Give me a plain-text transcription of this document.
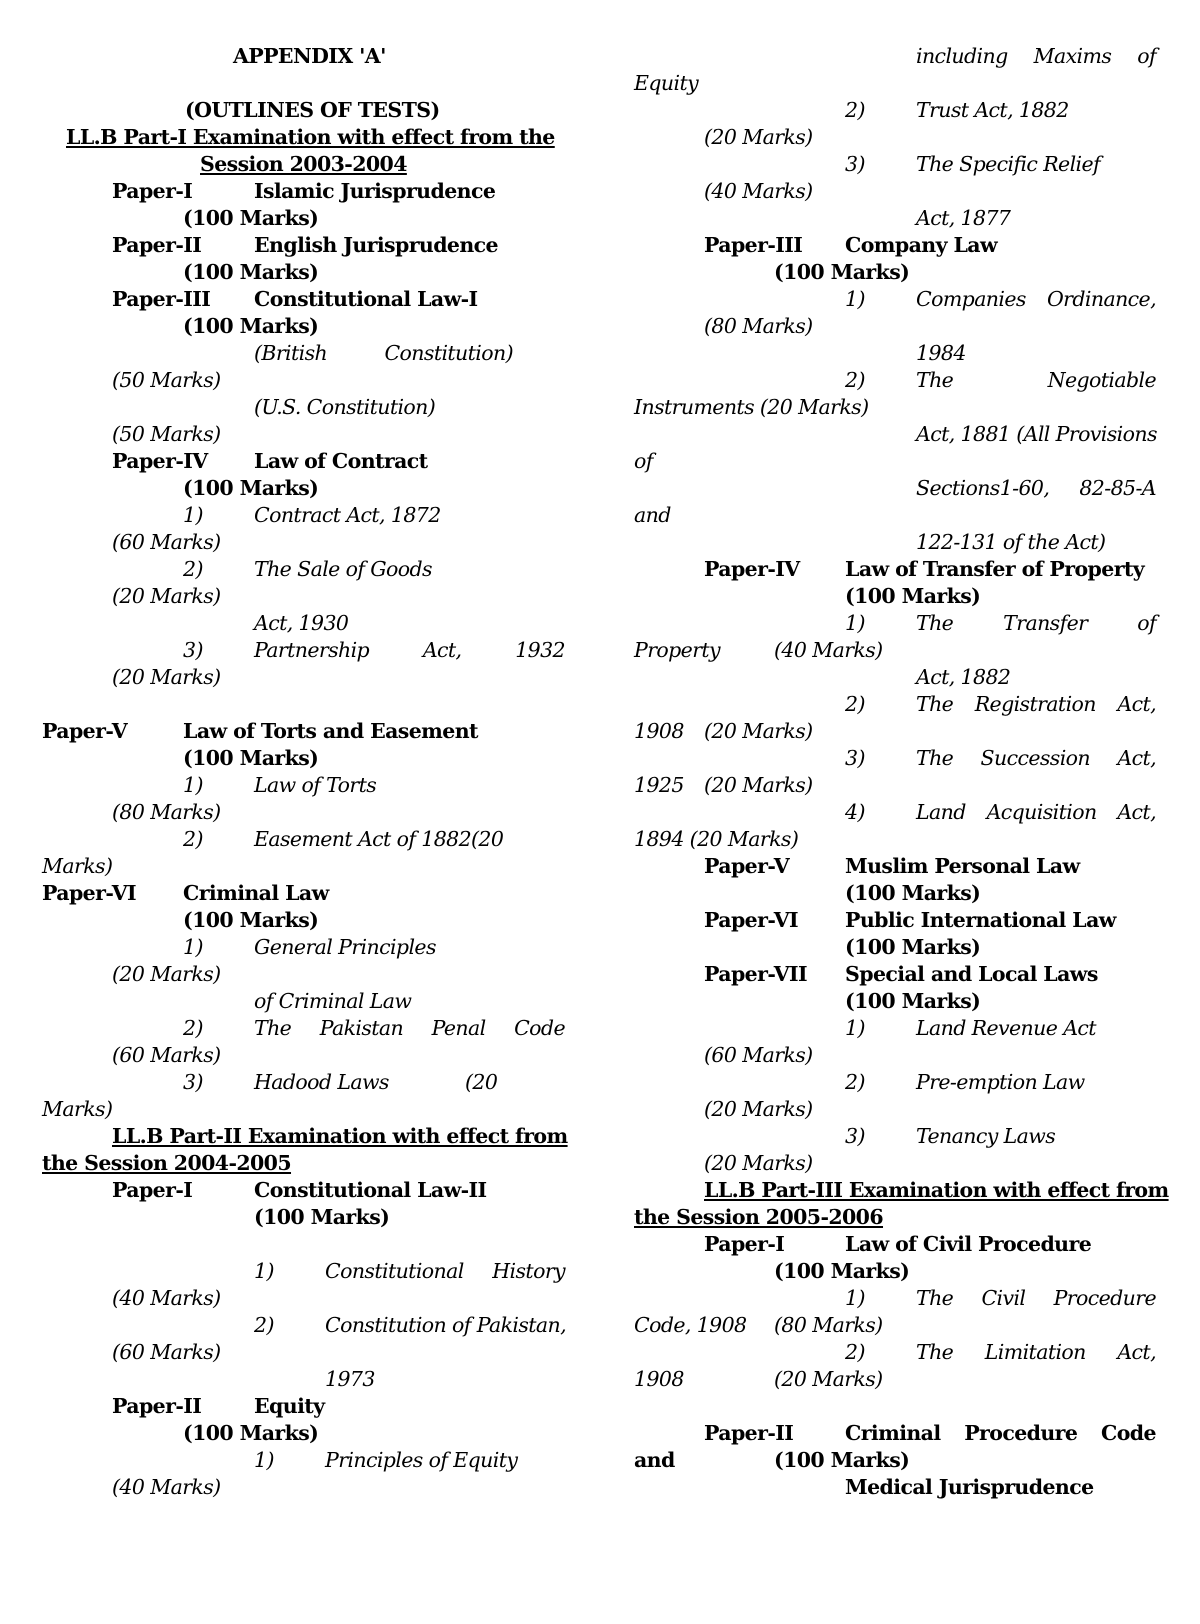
APPENDIX 'A'
(OUTLINES OF TESTS)
LL.B Part-I Examination with effect from the
Session 2003-2004
Paper-I	Islamic Jurisprudence
(100 Marks)
Paper-II	English Jurisprudence
(100 Marks)
Paper-III Constitutional Law-I
(100 Marks)
(British	Constitution)
(50 Marks)
(U.S. Constitution)
(50 Marks)
Paper-IV Law of Contract
(100 Marks)
1) Contract Act, 1872
(60 Marks)
2) The Sale of Goods
(20 Marks)
Act, 1930
3) Partnership	Act,	1932
(20 Marks)
Paper-V	Law of Torts and Easement
(100 Marks)
1) Law of Torts
(80 Marks)
2) Easement Act of 1882(20
Marks)
Paper-VI Criminal Law
(100 Marks)
1) General Principles
(20 Marks)
of Criminal Law
2) The Pakistan Penal Code
(60 Marks)
3) Hadood Laws	(20
Marks)
LL.B Part-II Examination with effect from
the Session 2004-2005
Paper-I	Constitutional Law-II
(100 Marks)
1) Constitutional History
(40 Marks)
2) Constitution of Pakistan,
(60 Marks)
1973
Paper-II	Equity
(100 Marks)
1) Principles of Equity
(40 Marks)
including Maxims of
Equity
2) Trust Act, 1882
(20 Marks)
3) The Specific Relief
(40 Marks)
Act, 1877
Paper-III Company Law
(100 Marks)
1) Companies Ordinance,
(80 Marks)
1984
2) The	Negotiable
Instruments (20 Marks)
Act, 1881 (All Provisions
of
Sections1-60, 82-85-A
and
122-131 of the Act)
Paper-IV Law of Transfer of Property
(100 Marks)
1) The Transfer of
Property	(40 Marks)
Act, 1882
2) The Registration Act,
1908 (20 Marks)
3) The Succession Act,
1925 (20 Marks)
4) Land Acquisition Act,
1894 (20 Marks)
Paper-V	Muslim Personal Law
(100 Marks)
Paper-VI Public International Law
(100 Marks)
Paper-VII Special and Local Laws
(100 Marks)
1) Land Revenue Act
(60 Marks)
2) Pre-emption Law
(20 Marks)
3) Tenancy Laws
(20 Marks)
LL.B Part-III Examination with effect from
the Session 2005-2006
Paper-I	Law of Civil Procedure
(100 Marks)
1) The Civil Procedure
Code, 1908 (80 Marks)
2) The Limitation Act,
1908	(20 Marks)
Paper-II	Criminal Procedure Code
and	(100 Marks)
Medical Jurisprudence
